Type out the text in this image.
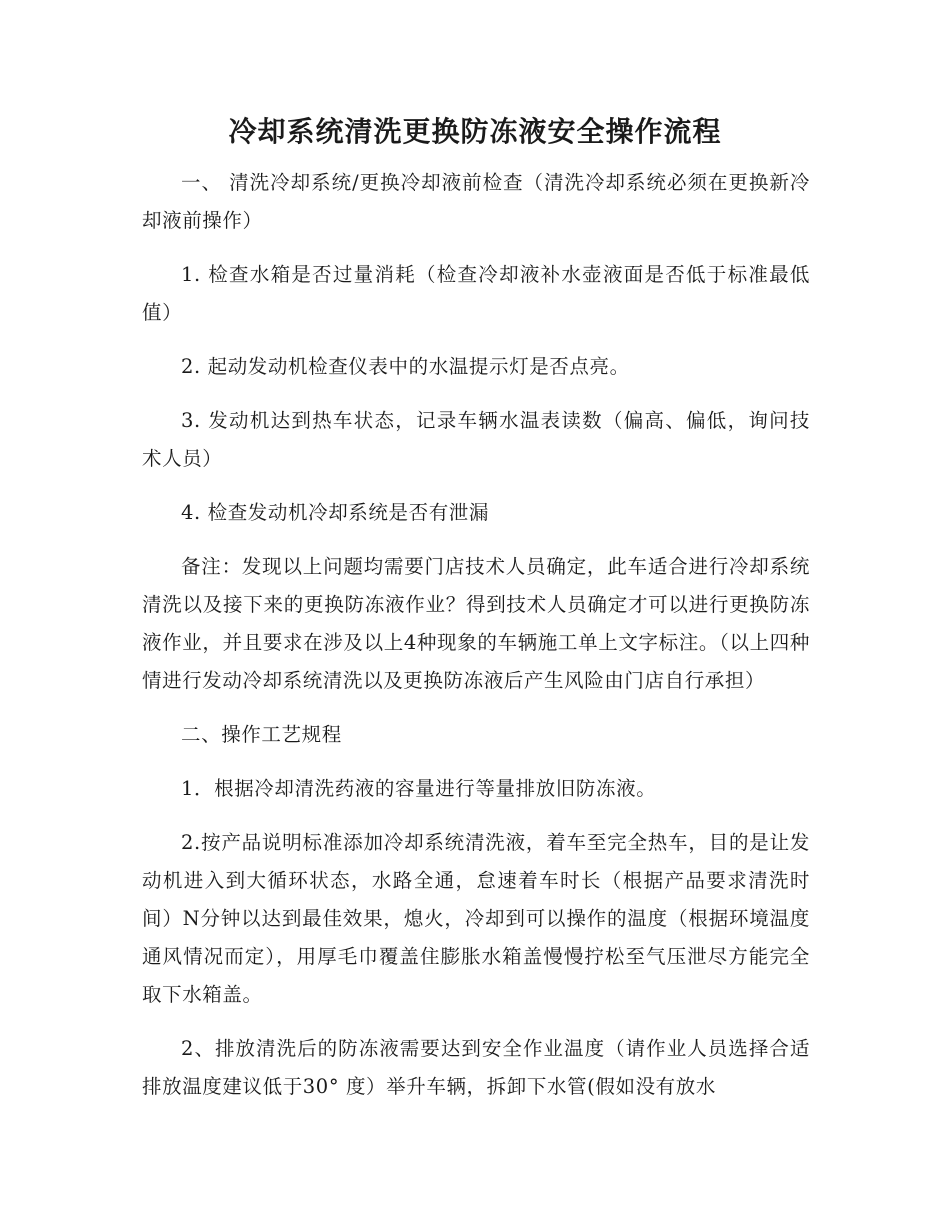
冷却系统清洗更换防冻液安全操作流程

一、 清洗冷却系统/更换冷却液前检查（清洗冷却系统必须在更换新冷却液前操作）

1. 检查水箱是否过量消耗（检查冷却液补水壶液面是否低于标准最低值）

2. 起动发动机检查仪表中的水温提示灯是否点亮。

3. 发动机达到热车状态，记录车辆水温表读数（偏高、偏低，询问技术人员）

4. 检查发动机冷却系统是否有泄漏

备注：发现以上问题均需要门店技术人员确定，此车适合进行冷却系统清洗以及接下来的更换防冻液作业？得到技术人员确定才可以进行更换防冻液作业，并且要求在涉及以上4种现象的车辆施工单上文字标注。（以上四种情进行发动冷却系统清洗以及更换防冻液后产生风险由门店自行承担）

二、操作工艺规程

1．根据冷却清洗药液的容量进行等量排放旧防冻液。

2.按产品说明标准添加冷却系统清洗液，着车至完全热车，目的是让发动机进入到大循环状态，水路全通，怠速着车时长（根据产品要求清洗时间）N分钟以达到最佳效果，熄火，冷却到可以操作的温度（根据环境温度通风情况而定），用厚毛巾覆盖住膨胀水箱盖慢慢拧松至气压泄尽方能完全取下水箱盖。

2、排放清洗后的防冻液需要达到安全作业温度（请作业人员选择合适排放温度建议低于30° 度）举升车辆，拆卸下水管(假如没有放水
